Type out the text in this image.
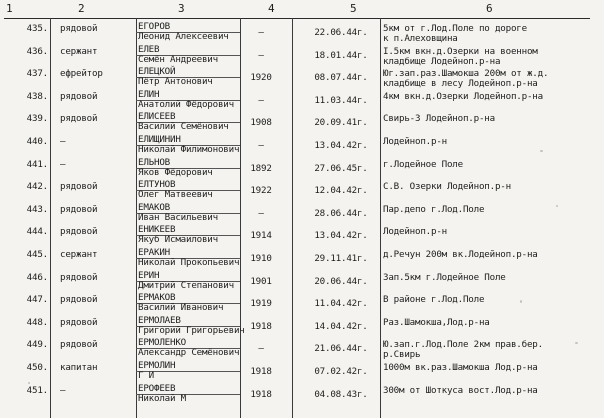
1	2	3	4	5	6
435. рядовой	ЕГОРОВ
Леонид Алексеевич	–	22.06.44г.	5км от г.Лод.Поле по дороге
к п.Алеховщина
436. сержант	ЕЛЕВ
Семён Андреевич	–	18.01.44г.	I.5км вкн.д.Озерки на военном
кладбище Лодейноп.р-на
437. ефрейтор	ЕЛЕЦКОЙ
Пётр Антонович	1920	08.07.44г.	Юг.зап.раз.Шамокша 200м от ж.д.
кладбище в лесу Лодейноп.р-на
438. рядовой	ЕЛИН
Анатолий Фёдорович	–	11.03.44г.	4км вкн.д.Озерки Лодейноп.р-на
439. рядовой	ЕЛИСЕЕВ
Василий Семёнович	1908	20.09.41г.	Свирь-3 Лодейноп.р-на
440. –	ЕЛИЩИНИН
Николай Филимонович	–	13.04.42г.	Лодейноп.р-н
441. –	ЕЛЬНОВ
Яков Фёдорович	1892	27.06.45г.	г.Лодейное Поле
442. рядовой	ЕЛТУНОВ
Олег Матвеевич	1922	12.04.42г.	С.В. Озерки Лодейноп.р-н
443. рядовой	ЕМАКОВ
Иван Васильевич	–	28.06.44г.	Пар.депо г.Лод.Поле
444. рядовой	ЕНИКЕЕВ
Якуб Исмаилович	1914	13.04.42г.	Лодейноп.р-н
445. сержант	ЕРАКИН
Николай Прокопьевич	1910	29.11.41г.	д.Речун 200м вк.Лодейноп.р-на
446. рядовой	ЕРИН
Дмитрий Степанович	1901	20.06.44г.	Зап.5км г.Лодейное Поле
447. рядовой	ЕРМАКОВ
Василий Иванович	1919	11.04.42г.	В районе г.Лод.Поле
448. рядовой	ЕРМОЛАЕВ
Григорий Григорьевич 1918	14.04.42г.	Раз.Шамокша,Лод.р-на
449. рядовой	ЕРМОЛЕНКО
Александр Семёнович	–	21.06.44г.	Ю.зап.г.Лод.Поле 2км прав.бер.
р.Свирь
450. капитан	ЕРМОЛИН
Г И	1918	07.02.42г.	1000м вк.раз.Шамокша Лод.р-на
451. –	ЕРОФЕЕВ
Николай М	1918	04.08.43г.	300м от Шоткуса вост.Лод.р-на
